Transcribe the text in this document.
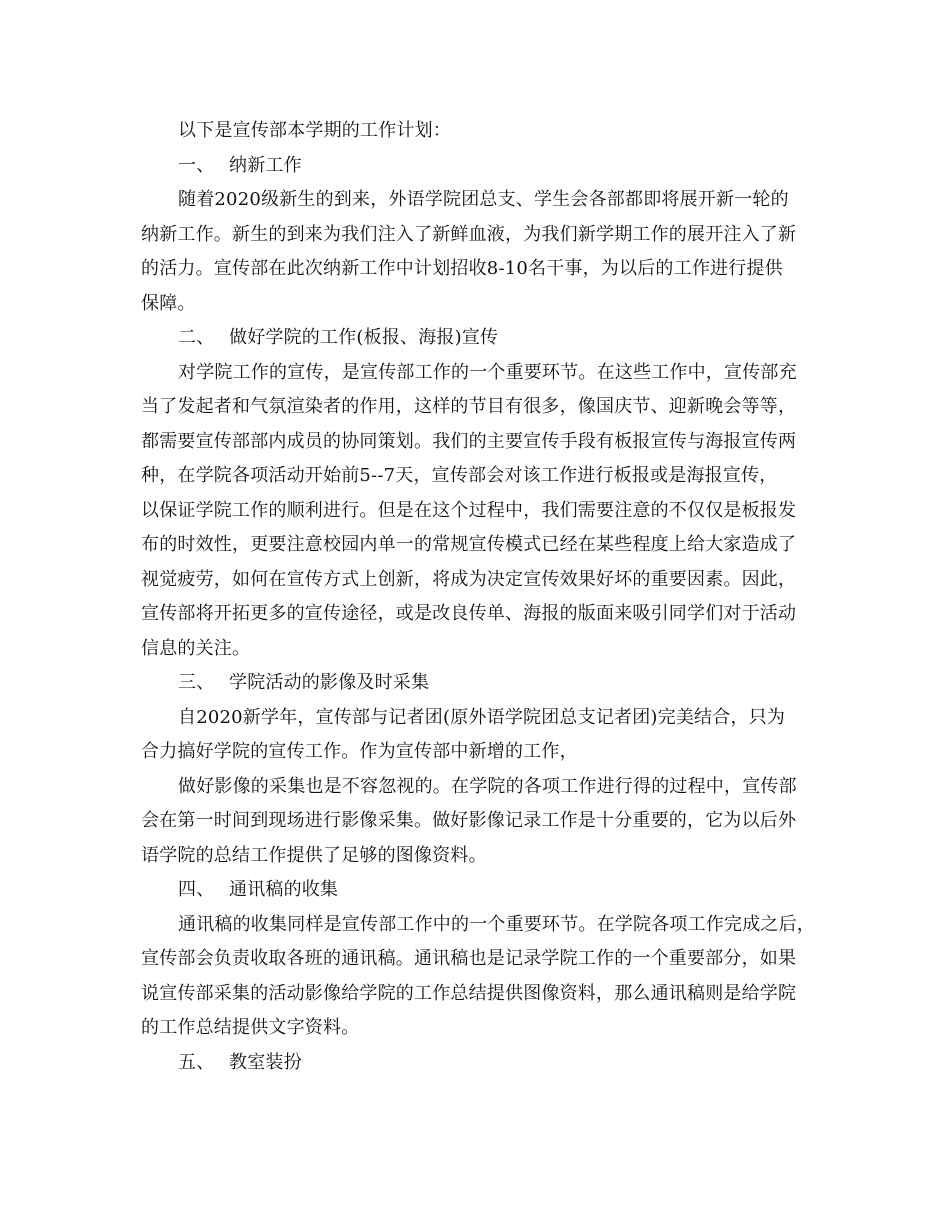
以下是宣传部本学期的工作计划：
一、 纳新工作
随着2020级新生的到来，外语学院团总支、学生会各部都即将展开新一轮的
纳新工作。新生的到来为我们注入了新鲜血液，为我们新学期工作的展开注入了新
的活力。宣传部在此次纳新工作中计划招收8-10名干事，为以后的工作进行提供
保障。
二、 做好学院的工作(板报、海报)宣传
对学院工作的宣传，是宣传部工作的一个重要环节。在这些工作中，宣传部充
当了发起者和气氛渲染者的作用，这样的节目有很多，像国庆节、迎新晚会等等，
都需要宣传部部内成员的协同策划。我们的主要宣传手段有板报宣传与海报宣传两
种，在学院各项活动开始前5--7天，宣传部会对该工作进行板报或是海报宣传，
以保证学院工作的顺利进行。但是在这个过程中，我们需要注意的不仅仅是板报发
布的时效性，更要注意校园内单一的常规宣传模式已经在某些程度上给大家造成了
视觉疲劳，如何在宣传方式上创新，将成为决定宣传效果好坏的重要因素。因此，
宣传部将开拓更多的宣传途径，或是改良传单、海报的版面来吸引同学们对于活动
信息的关注。
三、 学院活动的影像及时采集
自2020新学年，宣传部与记者团(原外语学院团总支记者团)完美结合，只为
合力搞好学院的宣传工作。作为宣传部中新增的工作，
做好影像的采集也是不容忽视的。在学院的各项工作进行得的过程中，宣传部
会在第一时间到现场进行影像采集。做好影像记录工作是十分重要的，它为以后外
语学院的总结工作提供了足够的图像资料。
四、 通讯稿的收集
通讯稿的收集同样是宣传部工作中的一个重要环节。在学院各项工作完成之后，
宣传部会负责收取各班的通讯稿。通讯稿也是记录学院工作的一个重要部分，如果
说宣传部采集的活动影像给学院的工作总结提供图像资料，那么通讯稿则是给学院
的工作总结提供文字资料。
五、 教室装扮
